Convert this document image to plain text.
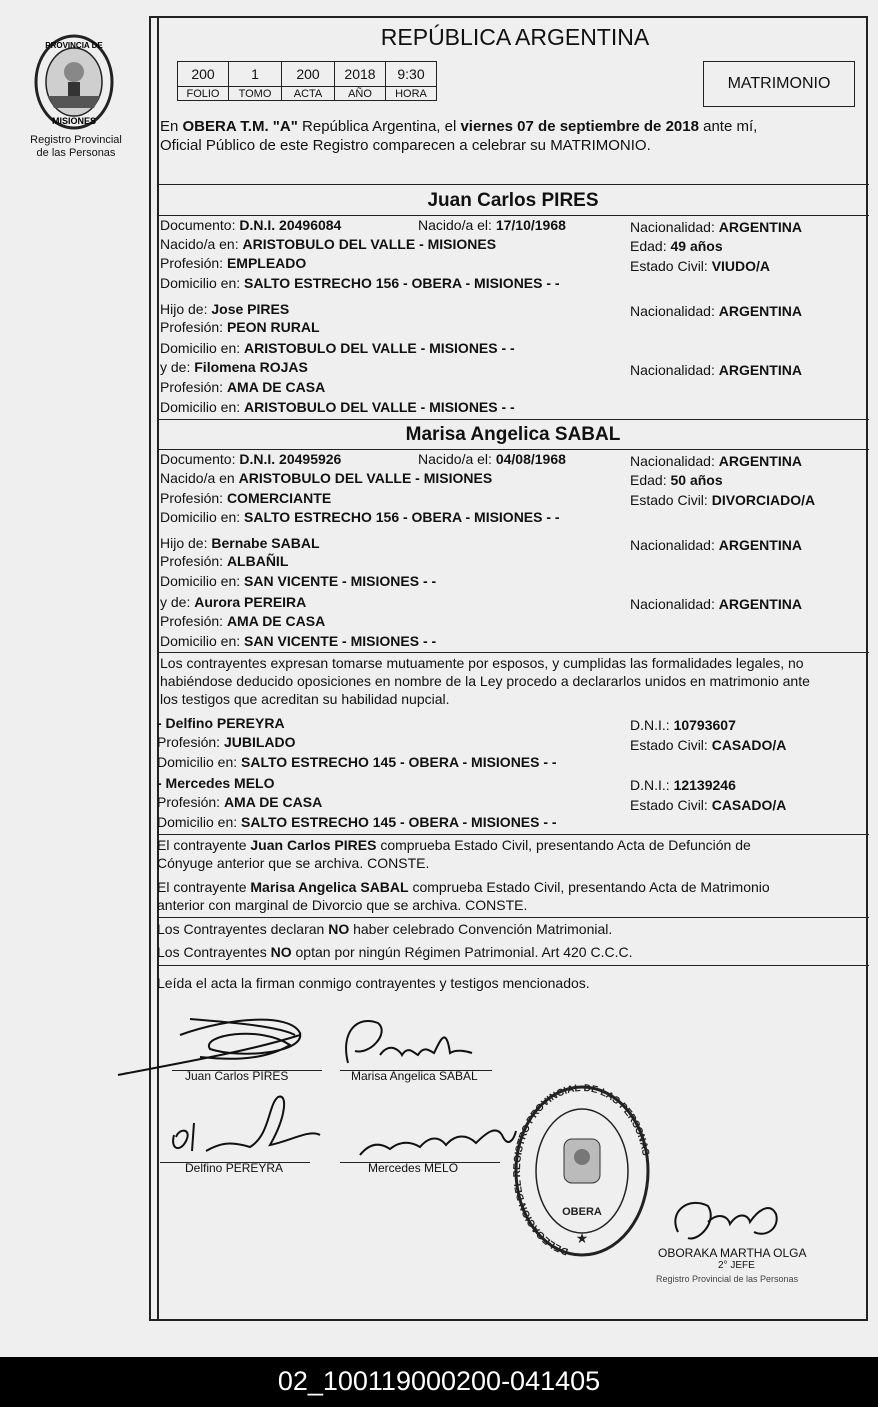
PROVINCIA DE
MISIONES
Registro Provincial
de las Personas
REPÚBLICA ARGENTINA
200	1	200	2018	9:30
FOLIO	TOMO	ACTA	AÑO	HORA
MATRIMONIO
En OBERA T.M. "A" República Argentina, el viernes 07 de septiembre de 2018 ante mí,
Oficial Público de este Registro comparecen a celebrar su MATRIMONIO.
Juan Carlos PIRES
Documento: D.N.I. 20496084	Nacido/a el: 17/10/1968	Nacionalidad: ARGENTINA
Nacido/a en: ARISTOBULO DEL VALLE - MISIONES	Edad: 49 años
Profesión: EMPLEADO	Estado Civil: VIUDO/A
Domicilio en: SALTO ESTRECHO 156 - OBERA - MISIONES - -
Hijo de: Jose PIRES	Nacionalidad: ARGENTINA
Profesión: PEON RURAL
Domicilio en: ARISTOBULO DEL VALLE - MISIONES - -
y de: Filomena ROJAS	Nacionalidad: ARGENTINA
Profesión: AMA DE CASA
Domicilio en: ARISTOBULO DEL VALLE - MISIONES - -
Marisa Angelica SABAL
Documento: D.N.I. 20495926	Nacido/a el: 04/08/1968	Nacionalidad: ARGENTINA
Nacido/a en ARISTOBULO DEL VALLE - MISIONES	Edad: 50 años
Profesión: COMERCIANTE	Estado Civil: DIVORCIADO/A
Domicilio en: SALTO ESTRECHO 156 - OBERA - MISIONES - -
Hijo de: Bernabe SABAL	Nacionalidad: ARGENTINA
Profesión: ALBAÑIL
Domicilio en: SAN VICENTE - MISIONES - -
y de: Aurora PEREIRA	Nacionalidad: ARGENTINA
Profesión: AMA DE CASA
Domicilio en: SAN VICENTE - MISIONES - -
Los contrayentes expresan tomarse mutuamente por esposos, y cumplidas las formalidades legales, no
habiéndose deducido oposiciones en nombre de la Ley procedo a declararlos unidos en matrimonio ante
los testigos que acreditan su habilidad nupcial.
- Delfino PEREYRA	D.N.I.: 10793607
Profesión: JUBILADO	Estado Civil: CASADO/A
Domicilio en: SALTO ESTRECHO 145 - OBERA - MISIONES - -
- Mercedes MELO	D.N.I.: 12139246
Profesión: AMA DE CASA	Estado Civil: CASADO/A
Domicilio en: SALTO ESTRECHO 145 - OBERA - MISIONES - -
El contrayente Juan Carlos PIRES comprueba Estado Civil, presentando Acta de Defunción de
Cónyuge anterior que se archiva. CONSTE.
El contrayente Marisa Angelica SABAL comprueba Estado Civil, presentando Acta de Matrimonio
anterior con marginal de Divorcio que se archiva. CONSTE.
Los Contrayentes declaran NO haber celebrado Convención Matrimonial.
Los Contrayentes NO optan por ningún Régimen Patrimonial. Art 420 C.C.C.
Leída el acta la firman conmigo contrayentes y testigos mencionados.
Juan Carlos PIRES	Marisa Angelica SABAL
Delfino PEREYRA	Mercedes MELO
DELEGACION DEL REGISTRO PROVINCIAL DE LAS PERSONAS
OBERA
★
OBORAKA MARTHA OLGA
2° JEFE
Registro Provincial de las Personas
02_100119000200-041405
